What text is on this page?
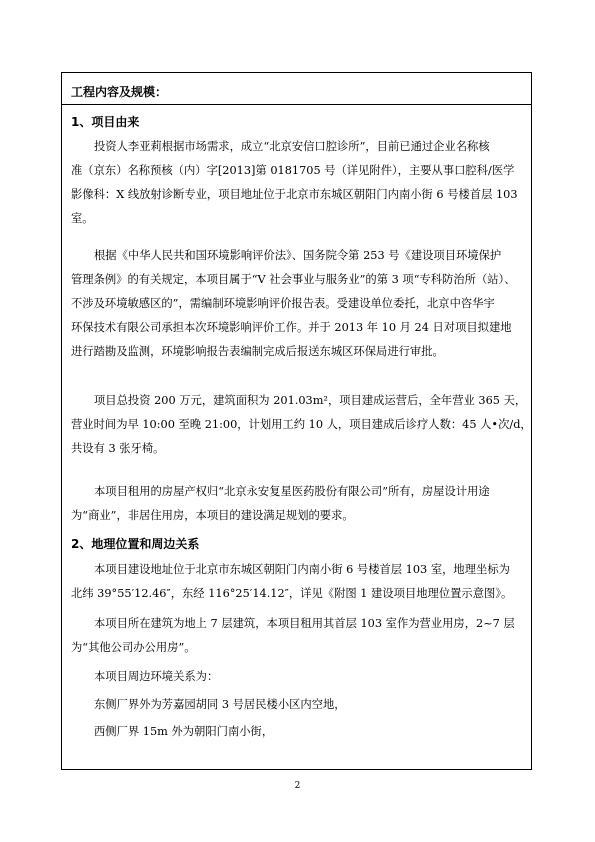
工程内容及规模：
1、项目由来
投资人李亚莉根据市场需求，成立“北京安信口腔诊所”，目前已通过企业名称核
准（京东）名称预核（内）字[2013]第 0181705 号（详见附件），主要从事口腔科/医学
影像科：X 线放射诊断专业，项目地址位于北京市东城区朝阳门内南小街 6 号楼首层 103
室。
根据《中华人民共和国环境影响评价法》、国务院令第 253 号《建设项目环境保护
管理条例》的有关规定，本项目属于“V 社会事业与服务业”的第 3 项“专科防治所（站）、
不涉及环境敏感区的”，需编制环境影响评价报告表。受建设单位委托，北京中咨华宇
环保技术有限公司承担本次环境影响评价工作。并于 2013 年 10 月 24 日对项目拟建地
进行踏勘及监测，环境影响报告表编制完成后报送东城区环保局进行审批。
项目总投资 200 万元，建筑面积为 201.03m²，项目建成运营后，全年营业 365 天，
营业时间为早 10:00 至晚 21:00，计划用工约 10 人，项目建成后诊疗人数：45 人•次/d，
共设有 3 张牙椅。
本项目租用的房屋产权归“北京永安复星医药股份有限公司”所有，房屋设计用途
为“商业”，非居住用房，本项目的建设满足规划的要求。
2、地理位置和周边关系
本项目建设地址位于北京市东城区朝阳门内南小街 6 号楼首层 103 室，地理坐标为
北纬 39°55′12.46″，东经 116°25′14.12″，详见《附图 1 建设项目地理位置示意图》。
本项目所在建筑为地上 7 层建筑，本项目租用其首层 103 室作为营业用房，2~7 层
为“其他公司办公用房”。
本项目周边环境关系为：
东侧厂界外为芳嘉园胡同 3 号居民楼小区内空地，
西侧厂界 15m 外为朝阳门南小街，
2
